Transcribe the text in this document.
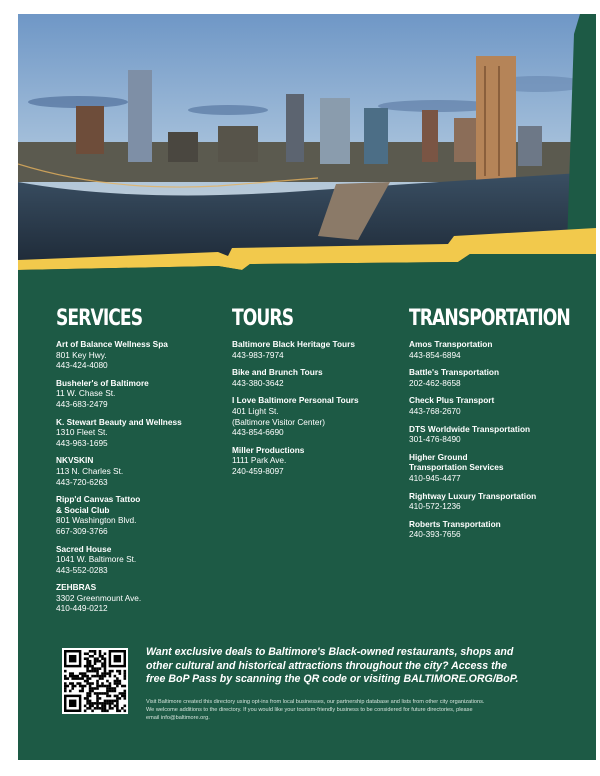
SERVICES
Art of Balance Wellness Spa
801 Key Hwy.
443-424-4080
Busheler's of Baltimore
11 W. Chase St.
443-683-2479
K. Stewart Beauty and Wellness
1310 Fleet St.
443-963-1695
NKVSKIN
113 N. Charles St.
443-720-6263
Ripp'd Canvas Tattoo
& Social Club
801 Washington Blvd.
667-309-3766
Sacred House
1041 W. Baltimore St.
443-552-0283
ZEHBRAS
3302 Greenmount Ave.
410-449-0212
TOURS
Baltimore Black Heritage Tours
443-983-7974
Bike and Brunch Tours
443-380-3642
I Love Baltimore Personal Tours
401 Light St.
(Baltimore Visitor Center)
443-854-6690
Miller Productions
1111 Park Ave.
240-459-8097
TRANSPORTATION
Amos Transportation
443-854-6894
Battle's Transportation
202-462-8658
Check Plus Transport
443-768-2670
DTS Worldwide Transportation
301-476-8490
Higher Ground
Transportation Services
410-945-4477
Rightway Luxury Transportation
410-572-1236
Roberts Transportation
240-393-7656
Want exclusive deals to Baltimore's Black-owned restaurants, shops and
other cultural and historical attractions throughout the city? Access the
free BoP Pass by scanning the QR code or visiting BALTIMORE.ORG/BoP.
Visit Baltimore created this directory using opt-ins from local businesses, our partnership database and lists from other city organizations.
We welcome additions to the directory. If you would like your tourism-friendly business to be considered for future directories, please
email info@baltimore.org.
